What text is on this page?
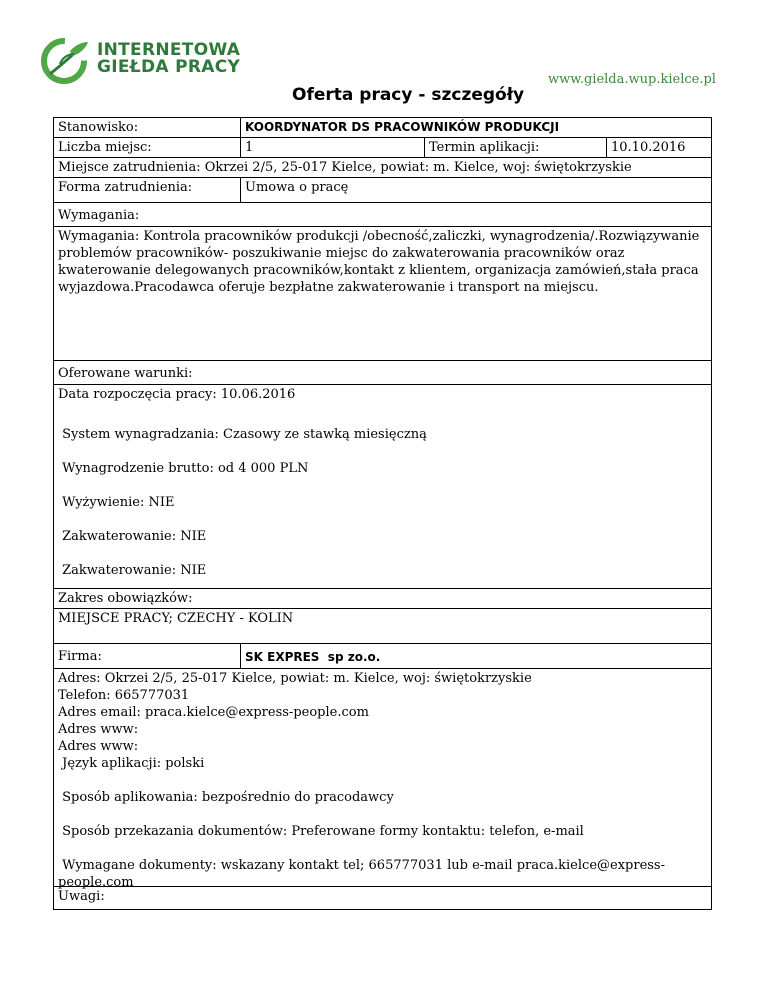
INTERNETOWA
GIEŁDA PRACY
www.gielda.wup.kielce.pl
Oferta pracy - szczegóły
Stanowisko:	KOORDYNATOR DS PRACOWNIKÓW PRODUKCJI
Liczba miejsc:	1	Termin aplikacji:	10.10.2016
Miejsce zatrudnienia: Okrzei 2/5, 25-017 Kielce, powiat: m. Kielce, woj: świętokrzyskie
Forma zatrudnienia:	Umowa o pracę
Wymagania:
Wymagania: Kontrola pracowników produkcji /obecność,zaliczki, wynagrodzenia/.Rozwiązywanie problemów pracowników- poszukiwanie miejsc do zakwaterowania pracowników oraz kwaterowanie delegowanych pracowników,kontakt z klientem, organizacja zamówień,stała praca wyjazdowa.Pracodawca oferuje bezpłatne zakwaterowanie i transport na miejscu.
Oferowane warunki:

Data rozpoczęcia pracy: 10.06.2016

System wynagradzania: Czasowy ze stawką miesięczną

Wynagrodzenie brutto: od 4 000 PLN

Wyżywienie: NIE

Zakwaterowanie: NIE

Zakwaterowanie: NIE

Zakres obowiązków:
MIEJSCE PRACY; CZECHY - KOLIN
Firma:	SK EXPRES  sp zo.o.

Adres: Okrzei 2/5, 25-017 Kielce, powiat: m. Kielce, woj: świętokrzyskie

Telefon: 665777031

Adres email: praca.kielce@express-people.com

Adres www:

Adres www:

Język aplikacji: polski

Sposób aplikowania: bezpośrednio do pracodawcy

Sposób przekazania dokumentów: Preferowane formy kontaktu: telefon, e-mail

Wymagane dokumenty: wskazany kontakt tel; 665777031 lub e-mail praca.kielce@express-people.com

Uwagi:
